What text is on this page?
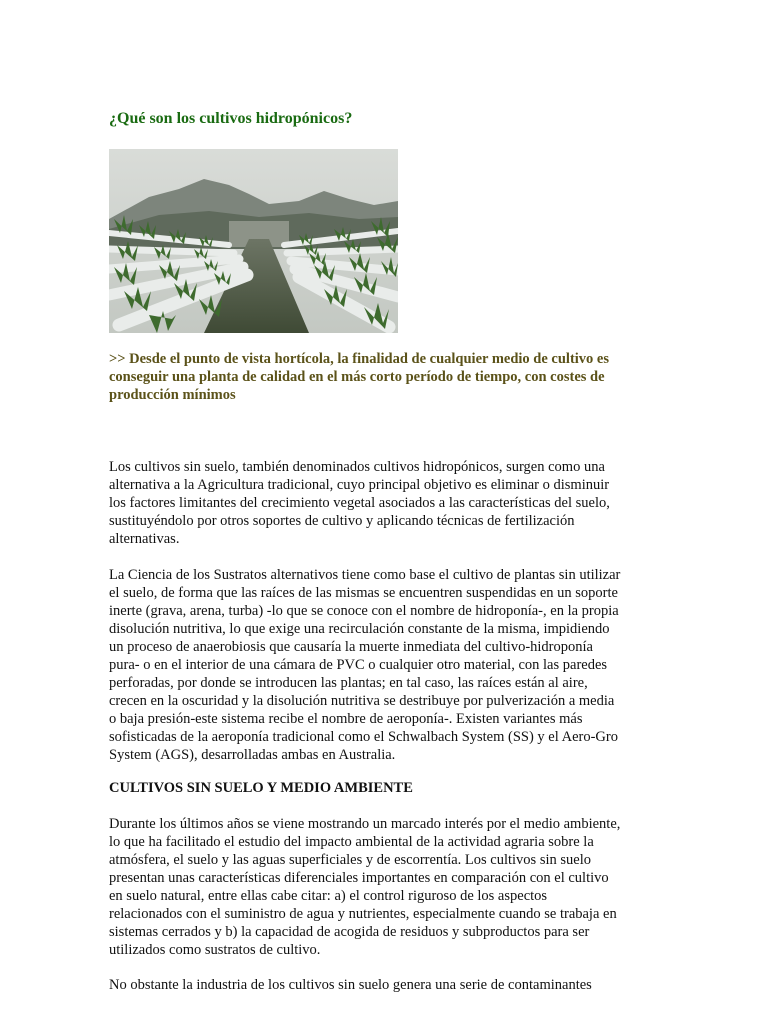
¿Qué son los cultivos hidropónicos?

>> Desde el punto de vista hortícola, la finalidad de cualquier medio de cultivo es
conseguir una planta de calidad en el más corto período de tiempo, con costes de
producción mínimos

Los cultivos sin suelo, también denominados cultivos hidropónicos, surgen como una
alternativa a la Agricultura tradicional, cuyo principal objetivo es eliminar o disminuir
los factores limitantes del crecimiento vegetal asociados a las características del suelo,
sustituyéndolo por otros soportes de cultivo y aplicando técnicas de fertilización
alternativas.

La Ciencia de los Sustratos alternativos tiene como base el cultivo de plantas sin utilizar
el suelo, de forma que las raíces de las mismas se encuentren suspendidas en un soporte
inerte (grava, arena, turba) -lo que se conoce con el nombre de hidroponía-, en la propia
disolución nutritiva, lo que exige una recirculación constante de la misma, impidiendo
un proceso de anaerobiosis que causaría la muerte inmediata del cultivo-hidroponía
pura- o en el interior de una cámara de PVC o cualquier otro material, con las paredes
perforadas, por donde se introducen las plantas; en tal caso, las raíces están al aire,
crecen en la oscuridad y la disolución nutritiva se destribuye por pulverización a media
o baja presión-este sistema recibe el nombre de aeroponía-. Existen variantes más
sofisticadas de la aeroponía tradicional como el Schwalbach System (SS) y el Aero-Gro
System (AGS), desarrolladas ambas en Australia.

CULTIVOS SIN SUELO Y MEDIO AMBIENTE

Durante los últimos años se viene mostrando un marcado interés por el medio ambiente,
lo que ha facilitado el estudio del impacto ambiental de la actividad agraria sobre la
atmósfera, el suelo y las aguas superficiales y de escorrentía. Los cultivos sin suelo
presentan unas características diferenciales importantes en comparación con el cultivo
en suelo natural, entre ellas cabe citar: a) el control riguroso de los aspectos
relacionados con el suministro de agua y nutrientes, especialmente cuando se trabaja en
sistemas cerrados y b) la capacidad de acogida de residuos y subproductos para ser
utilizados como sustratos de cultivo.

No obstante la industria de los cultivos sin suelo genera una serie de contaminantes
